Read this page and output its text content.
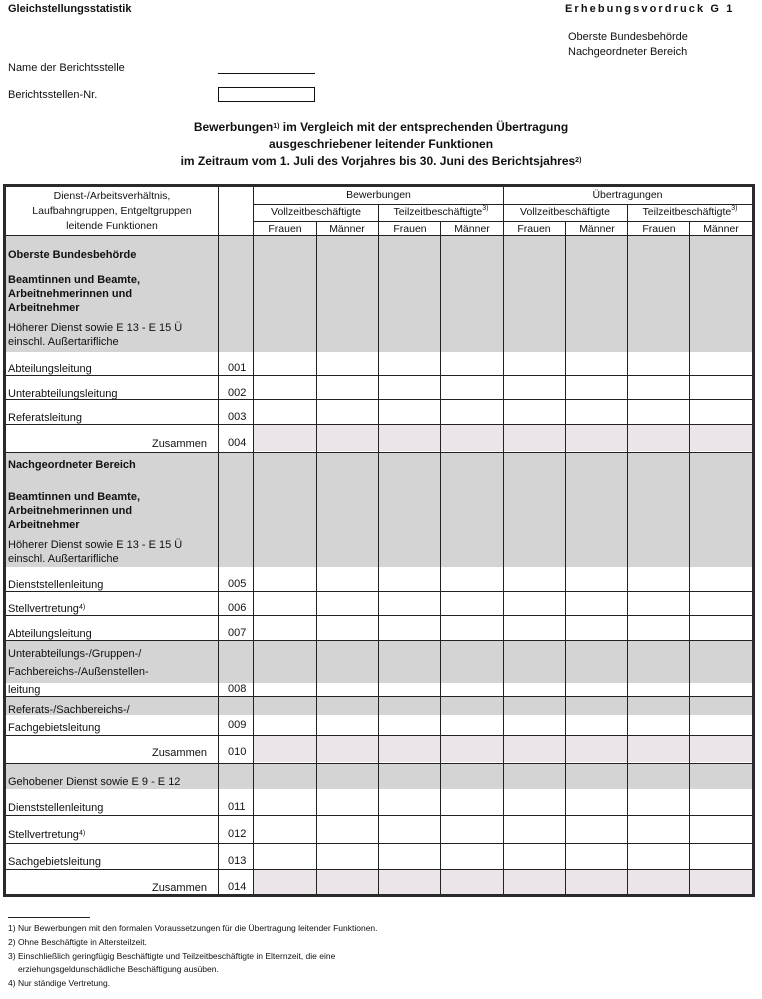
Gleichstellungsstatistik	Erhebungsvordruck G 1
Oberste Bundesbehörde
Nachgeordneter Bereich
Name der Berichtsstelle
Berichtsstellen-Nr.
Bewerbungen$^{1)}$ im Vergleich mit der entsprechenden Übertragung
ausgeschriebener leitender Funktionen
im Zeitraum vom 1. Juli des Vorjahres bis 30. Juni des Berichtsjahres$^{2)}$
Dienst-/Arbeitsverhältnis,
Laufbahngruppen, Entgeltgruppen
leitende Funktionen
Bewerbungen	Übertragungen
Vollzeitbeschäftigte	Teilzeitbeschäftigte$^{3)}$	Vollzeitbeschäftigte	Teilzeitbeschäftigte$^{3)}$
Frauen	Männer	Frauen	Männer	Frauen	Männer	Frauen	Männer
Oberste Bundesbehörde
Beamtinnen und Beamte,
Arbeitnehmerinnen und
Arbeitnehmer
Höherer Dienst sowie E 13 - E 15 Ü
einschl. Außertarifliche
Abteilungsleitung	001
Unterabteilungsleitung	002
Referatsleitung	003
Zusammen 004
Nachgeordneter Bereich
Beamtinnen und Beamte,
Arbeitnehmerinnen und
Arbeitnehmer
Höherer Dienst sowie E 13 - E 15 Ü
einschl. Außertarifliche
Dienststellenleitung	005
Stellvertretung$^{4)}$	006
Abteilungsleitung	007
Unterabteilungs-/Gruppen-/
Fachbereichs-/Außenstellen-
leitung	008
Referats-/Sachbereichs-/
Fachgebietsleitung	009
Zusammen 010
Gehobener Dienst sowie E 9 - E 12
Dienststellenleitung	011
Stellvertretung$^{4)}$	012
Sachgebietsleitung	013
Zusammen 014
1) Nur Bewerbungen mit den formalen Voraussetzungen für die Übertragung leitender Funktionen.
2) Ohne Beschäftigte in Altersteilzeit.
3) Einschließlich geringfügig Beschäftigte und Teilzeitbeschäftigte in Elternzeit, die eine
erziehungsgeldunschädliche Beschäftigung ausüben.
4) Nur ständige Vertretung.
